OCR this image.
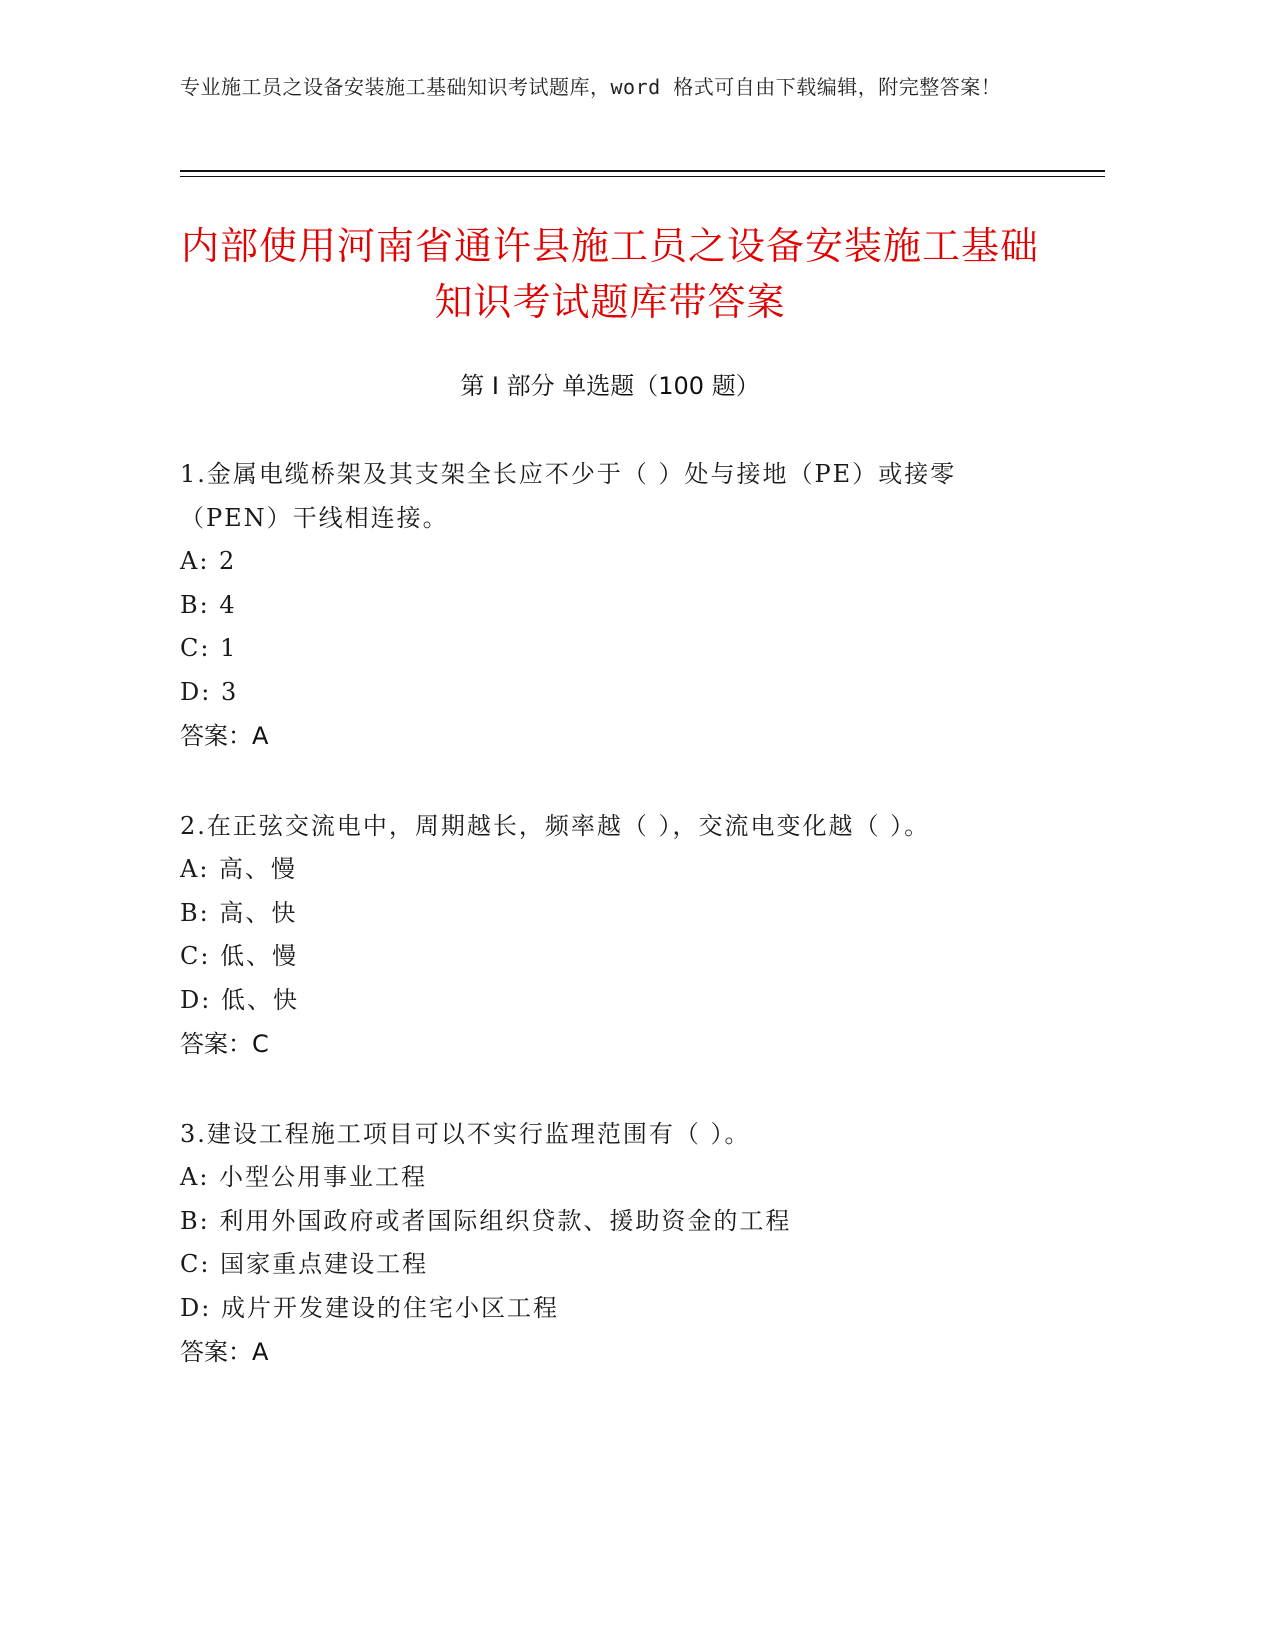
专业施工员之设备安装施工基础知识考试题库，word 格式可自由下载编辑，附完整答案！
内部使用河南省通许县施工员之设备安装施工基础知识考试题库带答案
第 I 部分 单选题（100 题）
1.金属电缆桥架及其支架全长应不少于（ ）处与接地（PE）或接零（PEN）干线相连接。
A: 2
B: 4
C: 1
D: 3
答案：A
2.在正弦交流电中，周期越长，频率越（ ），交流电变化越（ ）。
A: 高、慢
B: 高、快
C: 低、慢
D: 低、快
答案：C
3.建设工程施工项目可以不实行监理范围有（ ）。
A: 小型公用事业工程
B: 利用外国政府或者国际组织贷款、援助资金的工程
C: 国家重点建设工程
D: 成片开发建设的住宅小区工程
答案：A
